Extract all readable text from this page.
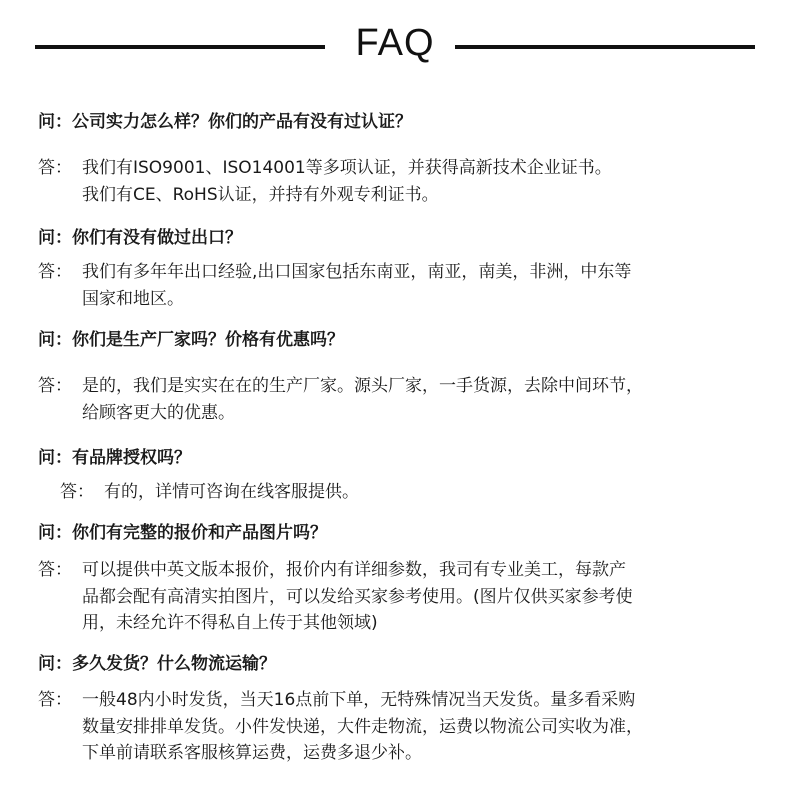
FAQ
问：公司实力怎么样？你们的产品有没有过认证？
答： 我们有ISO9001、ISO14001等多项认证，并获得高新技术企业证书。
我们有CE、RoHS认证，并持有外观专利证书。
问：你们有没有做过出口？
答： 我们有多年年出口经验,出口国家包括东南亚，南亚，南美，非洲，中东等
国家和地区。
问：你们是生产厂家吗？价格有优惠吗？
答： 是的，我们是实实在在的生产厂家。源头厂家，一手货源，去除中间环节，
给顾客更大的优惠。
问：有品牌授权吗？
答： 有的，详情可咨询在线客服提供。
问：你们有完整的报价和产品图片吗？
答： 可以提供中英文版本报价，报价内有详细参数，我司有专业美工，每款产
品都会配有高清实拍图片，可以发给买家参考使用。(图片仅供买家参考使
用，未经允许不得私自上传于其他领域)
问：多久发货？什么物流运输？
答： 一般48内小时发货，当天16点前下单，无特殊情况当天发货。量多看采购
数量安排排单发货。小件发快递，大件走物流，运费以物流公司实收为准，
下单前请联系客服核算运费，运费多退少补。
